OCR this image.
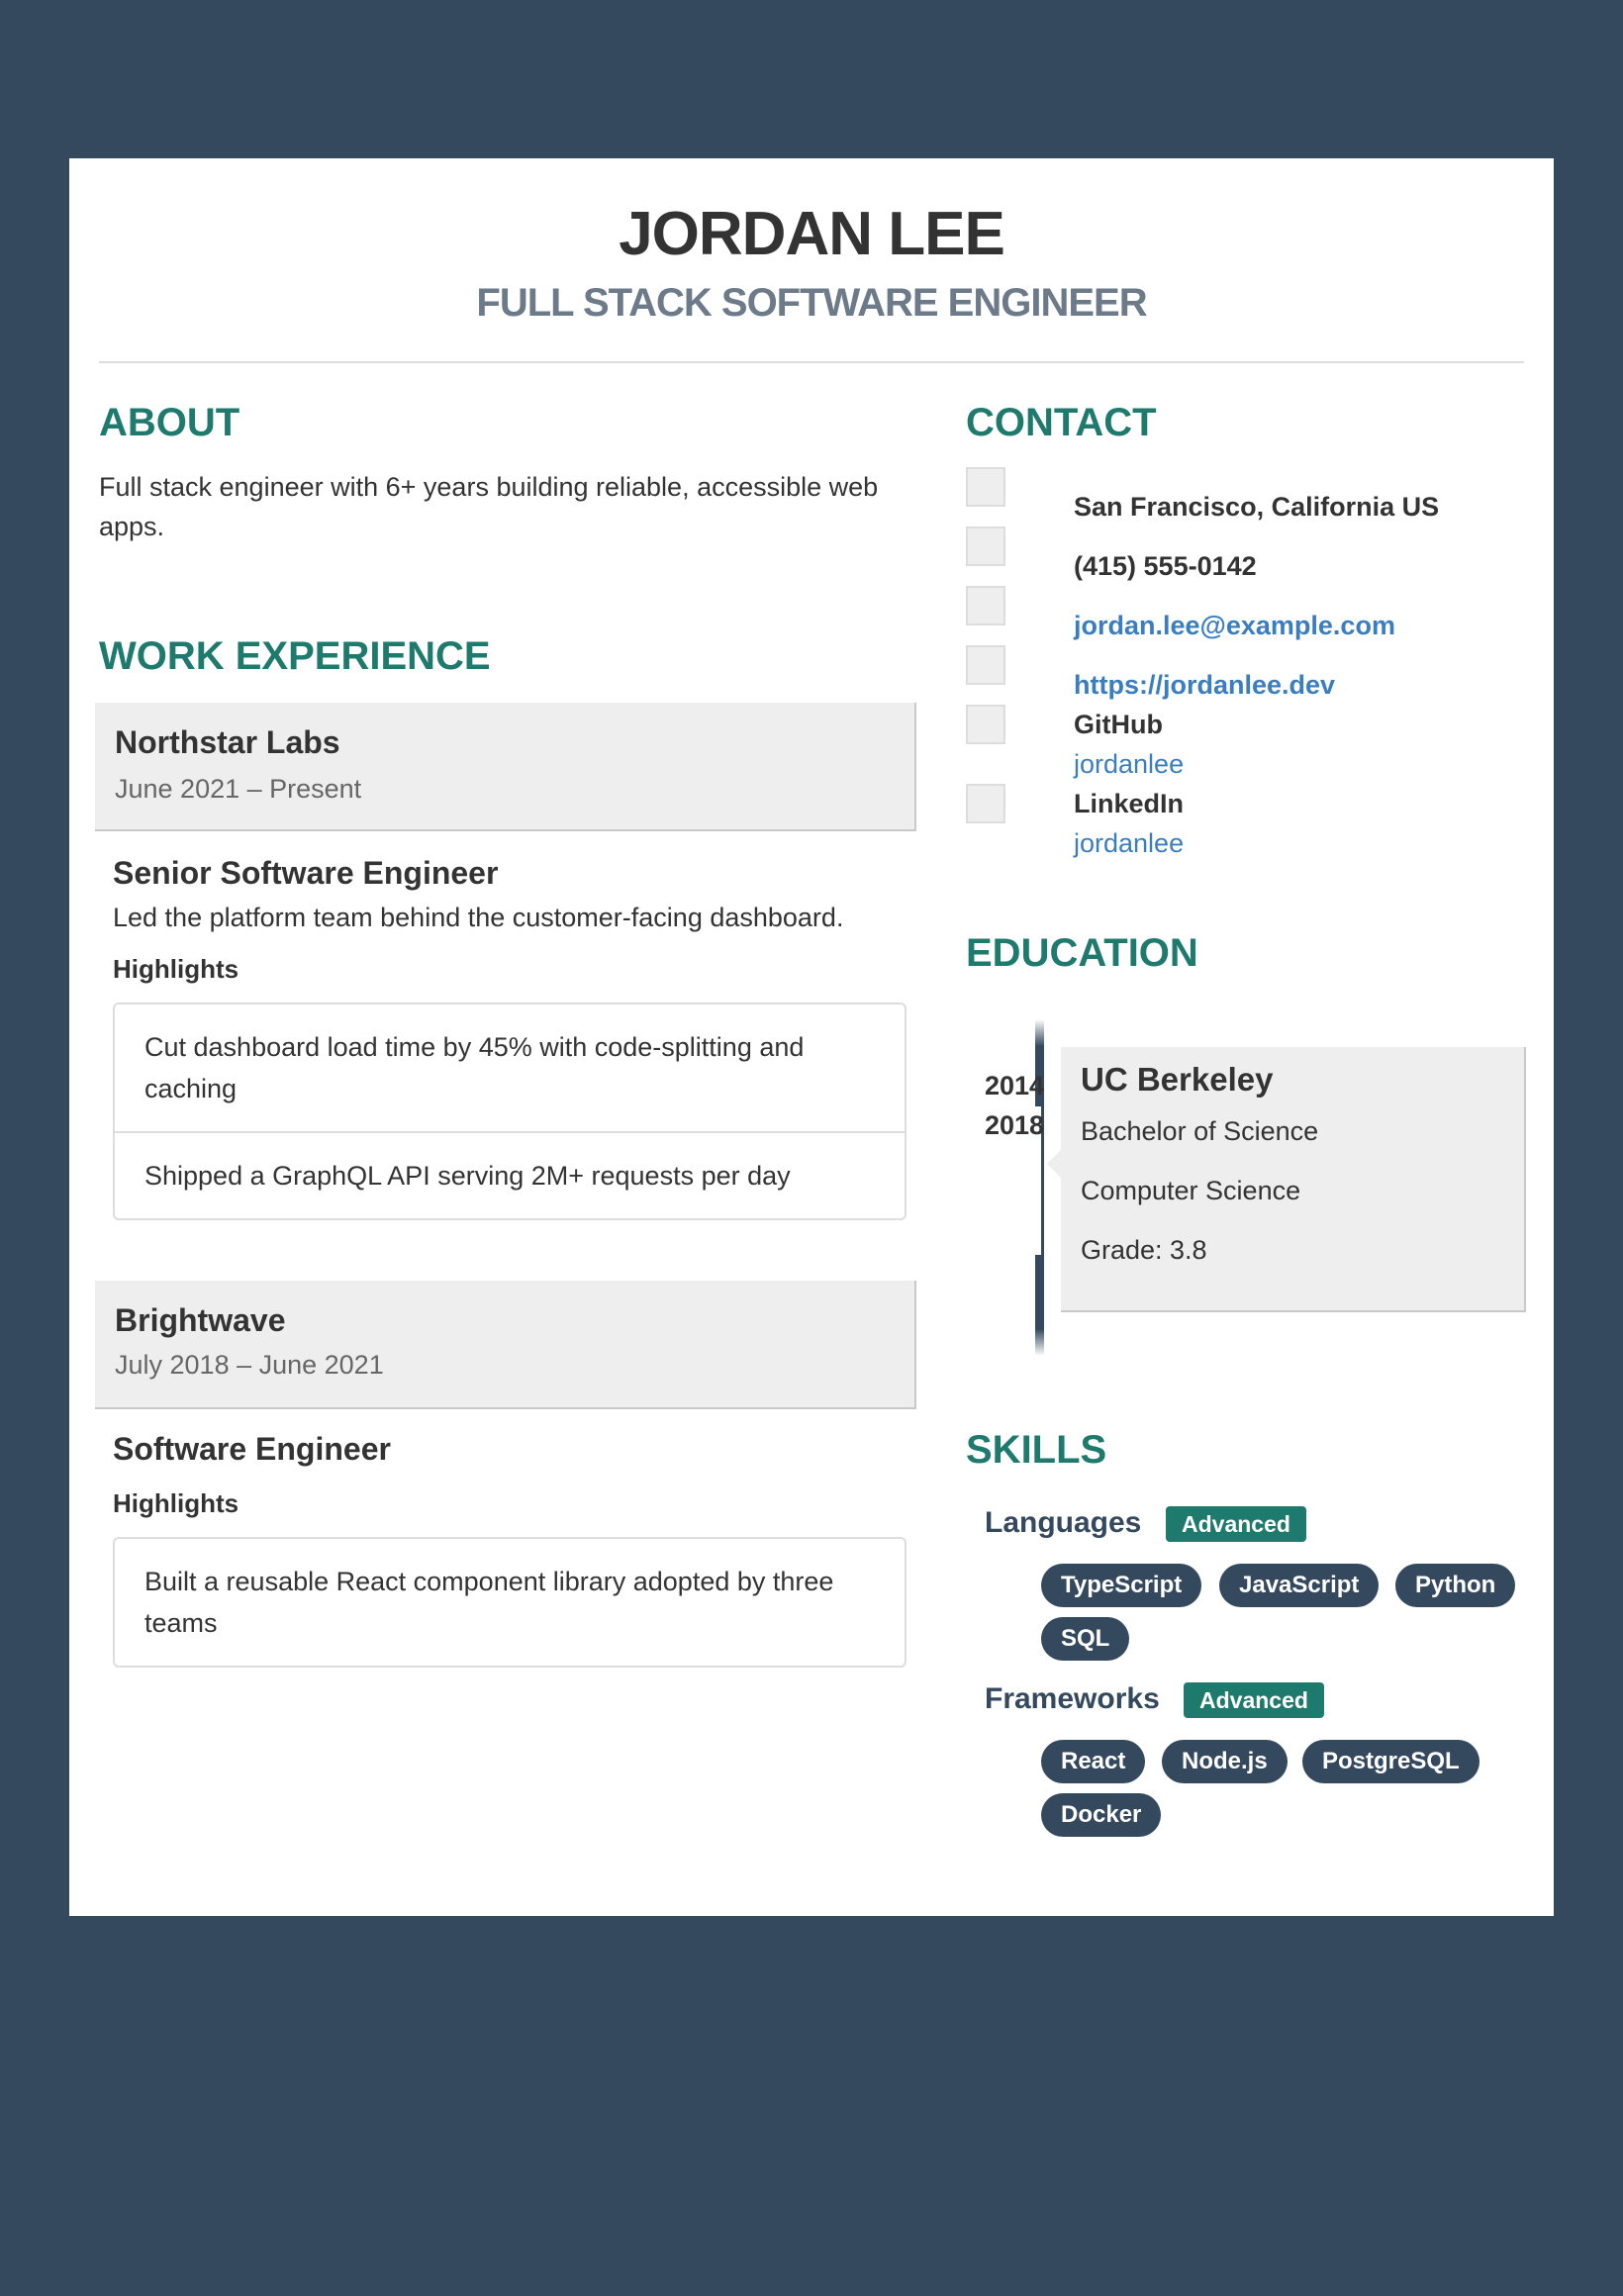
JORDAN LEE
FULL STACK SOFTWARE ENGINEER
ABOUT
Full stack engineer with 6+ years building reliable, accessible web apps.
WORK EXPERIENCE
Northstar Labs
June 2021 – Present
Senior Software Engineer
Led the platform team behind the customer-facing dashboard.
Highlights
Cut dashboard load time by 45% with code-splitting and caching
Shipped a GraphQL API serving 2M+ requests per day
Brightwave
July 2018 – June 2021
Software Engineer
Highlights
Built a reusable React component library adopted by three teams
CONTACT
San Francisco, California US
(415) 555-0142
jordan.lee@example.com
https://jordanlee.dev
GitHub
jordanlee
LinkedIn
jordanlee
EDUCATION
2014
2018
UC Berkeley
Bachelor of Science
Computer Science
Grade: 3.8
SKILLS
Languages	Advanced
TypeScript	JavaScript	Python
SQL
Frameworks	Advanced
React	Node.js	PostgreSQL
Docker
